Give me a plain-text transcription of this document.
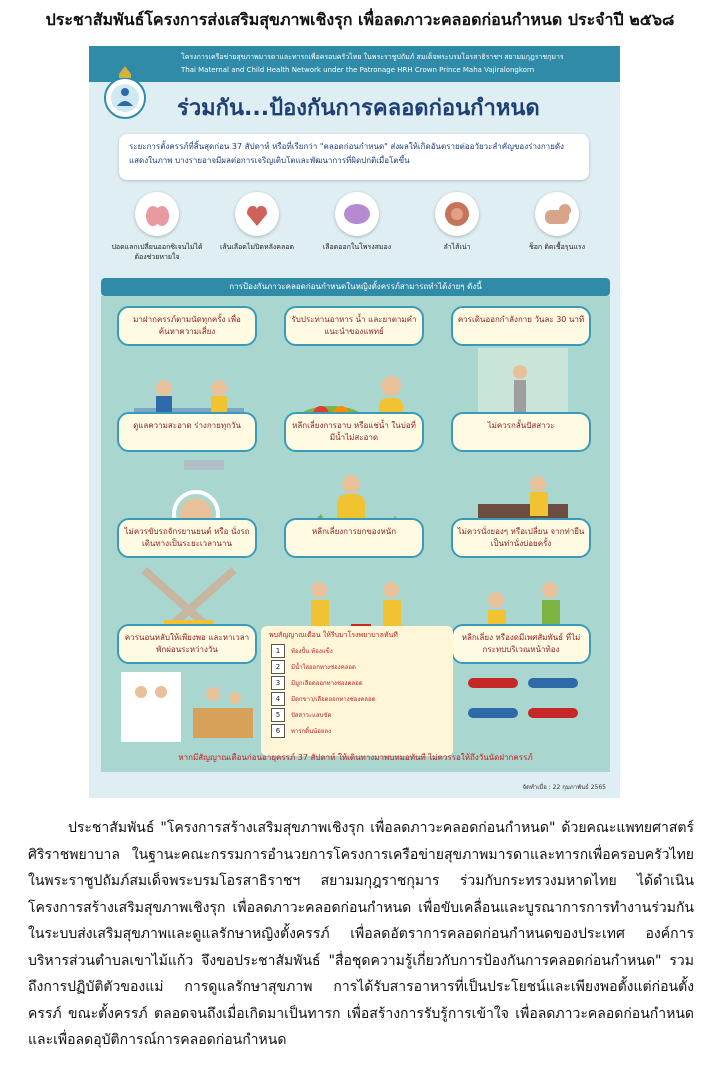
ประชาสัมพันธ์โครงการส่งเสริมสุขภาพเชิงรุก เพื่อลดภาวะคลอดก่อนกำหนด ประจำปี ๒๕๖๘
โครงการเครือข่ายสุขภาพมารดาและทารกเพื่อครอบครัวไทย ในพระราชูปถัมภ์ สมเด็จพระบรมโอรสาธิราชฯ สยามมกุฎราชกุมาร
Thai Maternal and Child Health Network under the Patronage HRH Crown Prince Maha Vajiralongkorn
ร่วมกัน...ป้องกันการคลอดก่อนกำหนด
ระยะการตั้งครรภ์ที่สิ้นสุดก่อน 37 สัปดาห์ หรือที่เรียกว่า "คลอดก่อนกำหนด" ส่งผลให้เกิดอันตรายต่ออวัยวะสำคัญของร่างกายดังแสดงในภาพ บางรายอาจมีผลต่อการเจริญเติบโตและพัฒนาการที่ผิดปกติเมื่อโตขึ้น
ปอดแลกเปลี่ยนออกซิเจนไม่ได้ ต้องช่วยหายใจ
เส้นเลือดไม่ปิดหลังคลอด	เลือดออกในโพรงสมอง	ลำไส้เน่า	ช็อก ติดเชื้อรุนแรง
การป้องกันภาวะคลอดก่อนกำหนดในหญิงตั้งครรภ์สามารถทำได้ง่ายๆ ดังนี้
มาฝากครรภ์ตามนัดทุกครั้ง เพื่อค้นหาความเสี่ยง
รับประทานอาหาร น้ำ และยาตามคำแนะนำของแพทย์
ควรเดินออกกำลังกาย วันละ 30 นาที
ดูแลความสะอาด ร่างกายทุกวัน	หลีกเลี่ยงการอาบ หรือแช่น้ำ ในบ่อที่มีน้ำไม่สะอาด
ไม่ควรกลั้นปัสสาวะ
ไม่ควรขับรถจักรยานยนต์ หรือ นั่งรถเดินทางเป็นระยะเวลานาน
หลีกเลี่ยงการยกของหนัก	ไม่ควรนั่งยองๆ หรือเปลี่ยน จากท่ายืนเป็นท่านั่งบ่อยครั้ง
ควรนอนหลับให้เพียงพอ และหาเวลาพักผ่อนระหว่างวัน
หลีกเลี่ยง หรืองดมีเพศสัมพันธ์ ที่ไม่กระทบบริเวณหน้าท้อง
พบสัญญาณเตือน ให้รีบมาโรงพยาบาลทันที
1	ท้องปั้น ท้องแข็ง
2	มีน้ำใสออกทางช่องคลอด
3	มีมูกเลือดออกทางช่องคลอด
4	มีตกขาว/เลือดออกทางช่องคลอด
5	ปัสสาวะแสบขัด
6	ทารกดิ้นน้อยลง
หากมีสัญญาณเตือนก่อนอายุครรภ์ 37 สัปดาห์ ให้เดินทางมาพบหมอทันที ไม่ควรรอให้ถึงวันนัดฝากครรภ์
จัดทำเมื่อ : 22 กุมภาพันธ์ 2565
ประชาสัมพันธ์ "โครงการสร้างเสริมสุขภาพเชิงรุก เพื่อลดภาวะคลอดก่อนกำหนด" ด้วยคณะแพทยศาสตร์ ศิริราชพยาบาล ในฐานะคณะกรรมการอำนวยการโครงการเครือข่ายสุขภาพมารดาและทารกเพื่อครอบครัวไทย ในพระราชูปถัมภ์สมเด็จพระบรมโอรสาธิราชฯ สยามมกุฎราชกุมาร ร่วมกับกระทรวงมหาดไทย ได้ดำเนินโครงการสร้างเสริมสุขภาพเชิงรุก เพื่อลดภาวะคลอดก่อนกำหนด เพื่อขับเคลื่อนและบูรณาการการทำงานร่วมกันในระบบส่งเสริมสุขภาพและดูแลรักษาหญิงตั้งครรภ์ เพื่อลดอัตราการคลอดก่อนกำหนดของประเทศ องค์การบริหารส่วนตำบลเขาไม้แก้ว จึงขอประชาสัมพันธ์ "สื่อชุดความรู้เกี่ยวกับการป้องกันการคลอดก่อนกำหนด" รวมถึงการปฏิบัติตัวของแม่ การดูแลรักษาสุขภาพ การได้รับสารอาหารที่เป็นประโยชน์และเพียงพอตั้งแต่ก่อนตั้งครรภ์ ขณะตั้งครรภ์ ตลอดจนถึงเมื่อเกิดมาเป็นทารก เพื่อสร้างการรับรู้การเข้าใจ เพื่อลดภาวะคลอดก่อนกำหนด และเพื่อลดอุบัติการณ์การคลอดก่อนกำหนด
